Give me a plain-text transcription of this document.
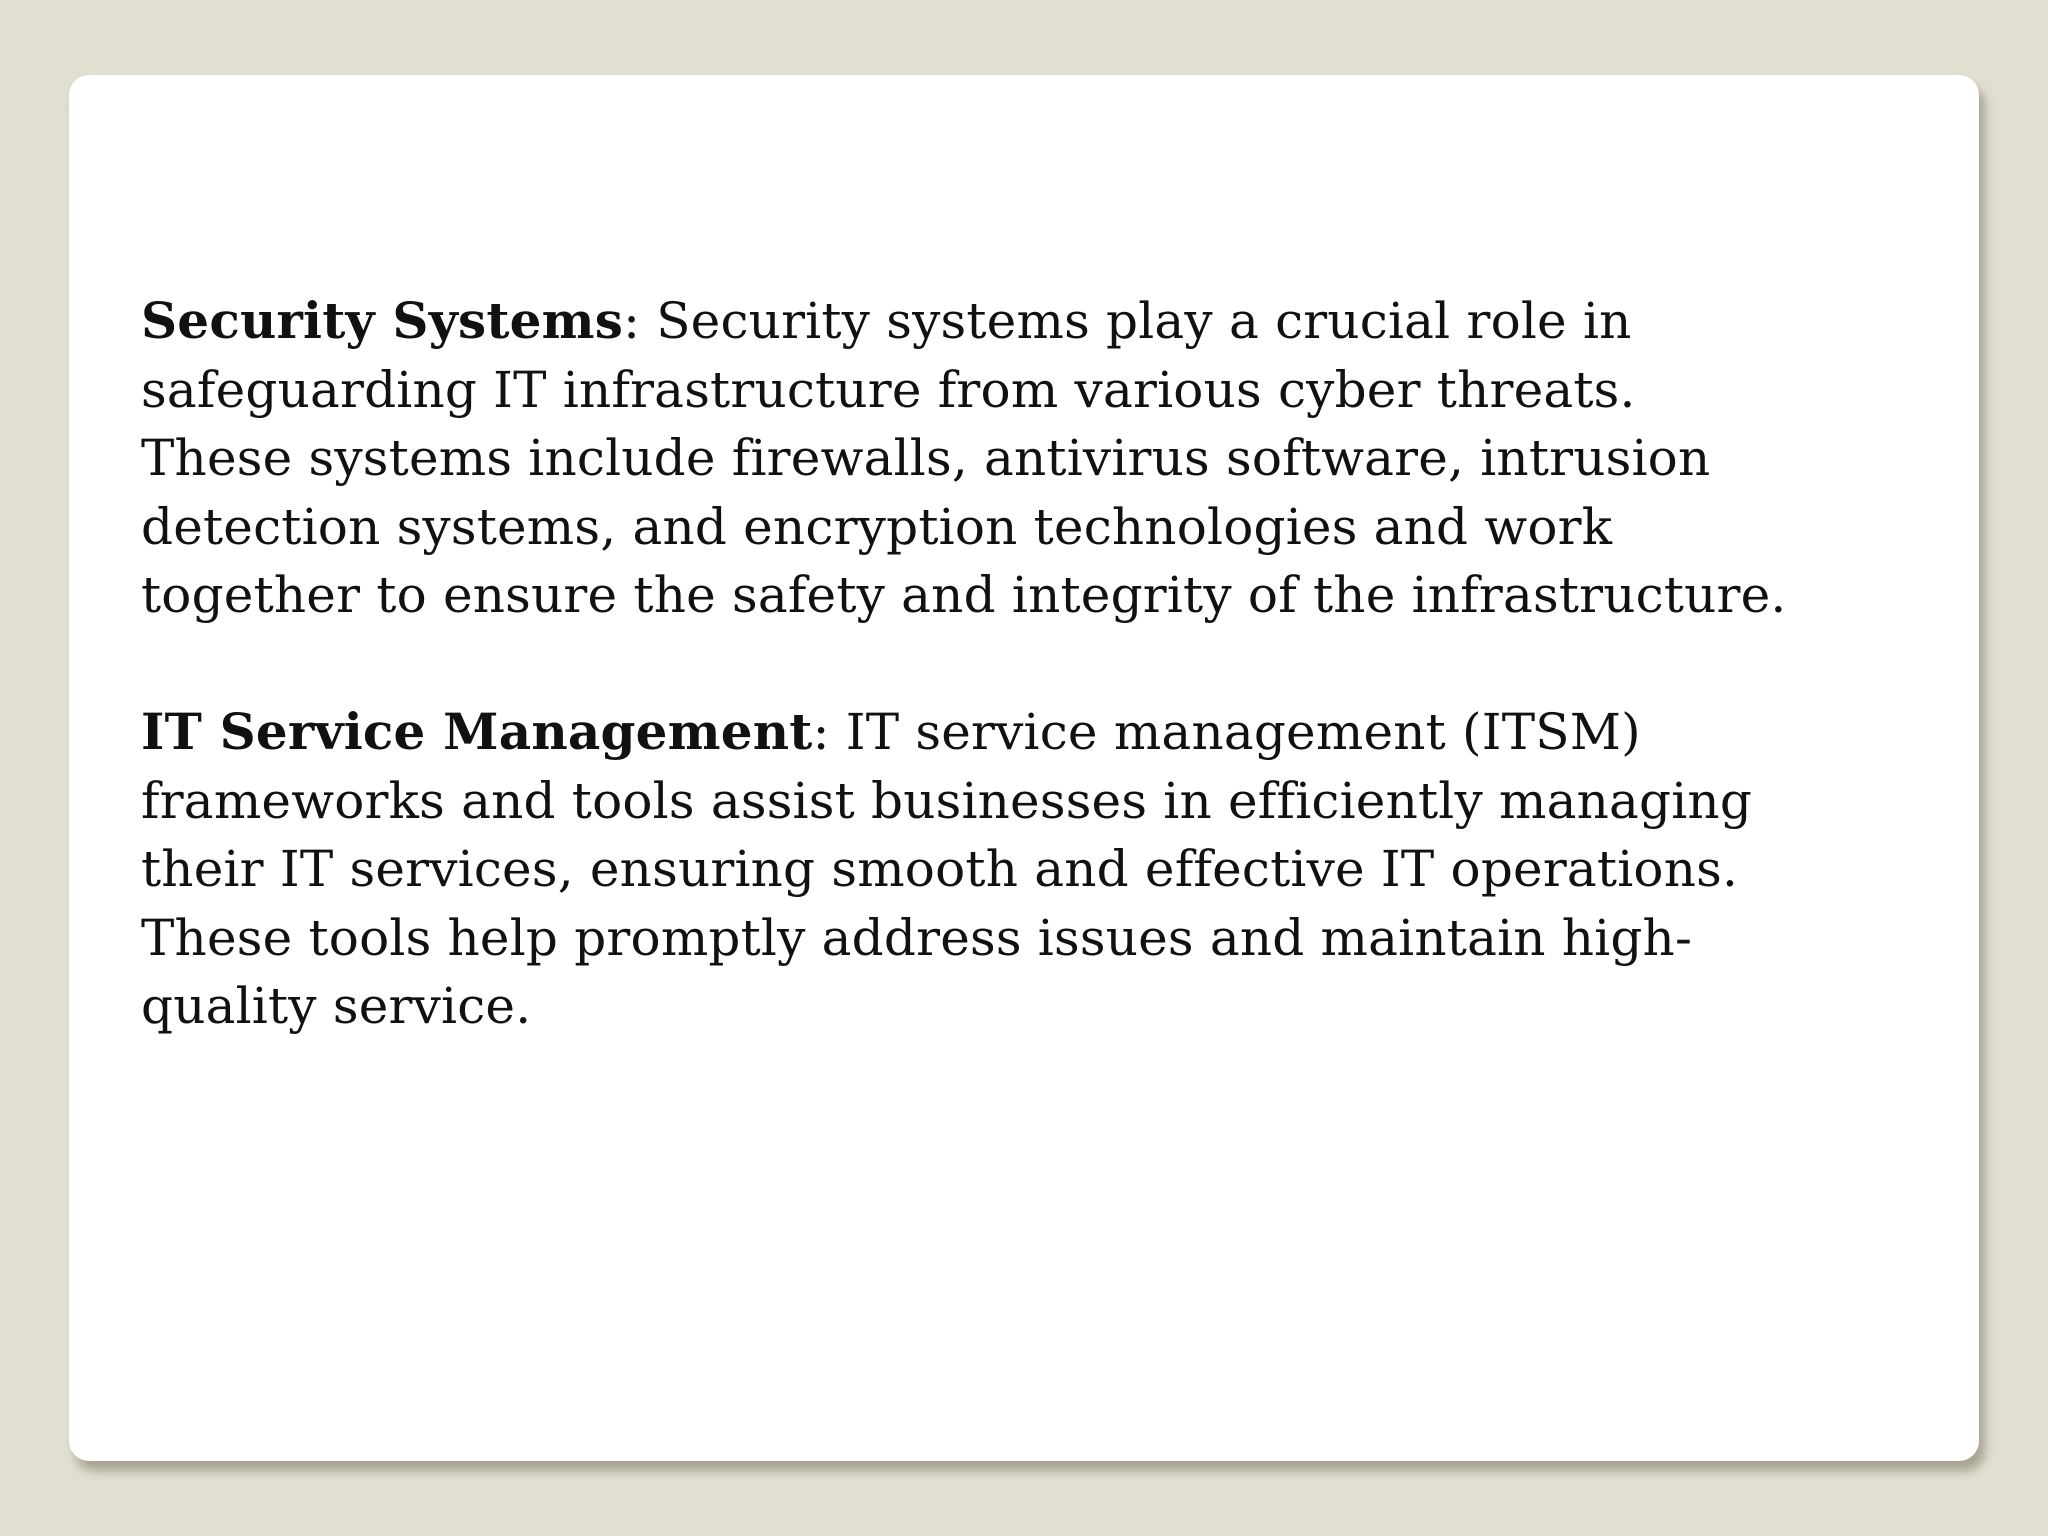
Security Systems: Security systems play a crucial role in
safeguarding IT infrastructure from various cyber threats.
These systems include firewalls, antivirus software, intrusion
detection systems, and encryption technologies and work
together to ensure the safety and integrity of the infrastructure.
IT Service Management: IT service management (ITSM)
frameworks and tools assist businesses in efficiently managing
their IT services, ensuring smooth and effective IT operations.
These tools help promptly address issues and maintain high-
quality service.
